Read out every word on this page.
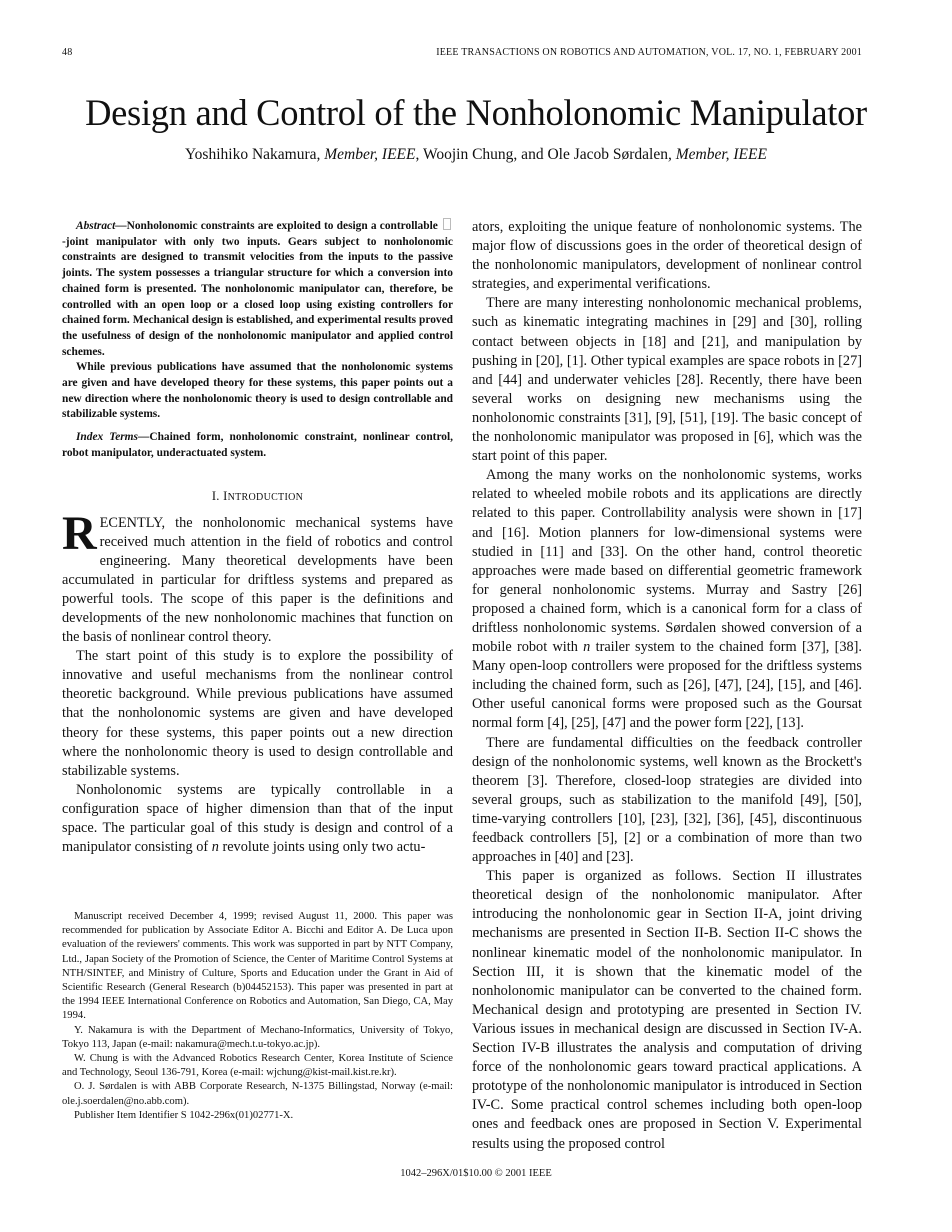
48	IEEE TRANSACTIONS ON ROBOTICS AND AUTOMATION, VOL. 17, NO. 1, FEBRUARY 2001
Design and Control of the Nonholonomic Manipulator
Yoshihiko Nakamura, Member, IEEE, Woojin Chung, and Ole Jacob Sørdalen, Member, IEEE

Abstract—Nonholonomic constraints are exploited to design a controllable -joint manipulator with only two inputs. Gears subject to nonholonomic constraints are designed to transmit velocities from the inputs to the passive joints. The system possesses a triangular structure for which a conversion into chained form is presented. The nonholonomic manipulator can, therefore, be controlled with an open loop or a closed loop using existing controllers for chained form. Mechanical design is established, and experimental results proved the usefulness of design of the nonholonomic manipulator and applied control schemes.

While previous publications have assumed that the nonholonomic systems are given and have developed theory for these systems, this paper points out a new direction where the nonholonomic theory is used to design controllable and stabilizable systems.

Index Terms—Chained form, nonholonomic constraint, nonlinear control, robot manipulator, underactuated system.

I. INTRODUCTION

RECENTLY, the nonholonomic mechanical systems have received much attention in the field of robotics and control engineering. Many theoretical developments have been accumulated in particular for driftless systems and prepared as powerful tools. The scope of this paper is the definitions and developments of the new nonholonomic machines that function on the basis of nonlinear control theory.

The start point of this study is to explore the possibility of innovative and useful mechanisms from the nonlinear control theoretic background. While previous publications have assumed that the nonholonomic systems are given and have developed theory for these systems, this paper points out a new direction where the nonholonomic theory is used to design controllable and stabilizable systems.

Nonholonomic systems are typically controllable in a configuration space of higher dimension than that of the input space. The particular goal of this study is design and control of a manipulator consisting of n revolute joints using only two actu-

Manuscript received December 4, 1999; revised August 11, 2000. This paper was recommended for publication by Associate Editor A. Bicchi and Editor A. De Luca upon evaluation of the reviewers' comments. This work was supported in part by NTT Company, Ltd., Japan Society of the Promotion of Science, the Center of Maritime Control Systems at NTH/SINTEF, and Ministry of Culture, Sports and Education under the Grant in Aid of Scientific Research (General Research (b)04452153). This paper was presented in part at the 1994 IEEE International Conference on Robotics and Automation, San Diego, CA, May 1994.

Y. Nakamura is with the Department of Mechano-Informatics, University of Tokyo, Tokyo 113, Japan (e-mail: nakamura@mech.t.u-tokyo.ac.jp).

W. Chung is with the Advanced Robotics Research Center, Korea Institute of Science and Technology, Seoul 136-791, Korea (e-mail: wjchung@kist-mail.kist.re.kr).

O. J. Sørdalen is with ABB Corporate Research, N-1375 Billingstad, Norway (e-mail: ole.j.soerdalen@no.abb.com).

Publisher Item Identifier S 1042-296x(01)02771-X.

ators, exploiting the unique feature of nonholonomic systems. The major flow of discussions goes in the order of theoretical design of the nonholonomic manipulators, development of nonlinear control strategies, and experimental verifications.

There are many interesting nonholonomic mechanical problems, such as kinematic integrating machines in [29] and [30], rolling contact between objects in [18] and [21], and manipulation by pushing in [20], [1]. Other typical examples are space robots in [27] and [44] and underwater vehicles [28]. Recently, there have been several works on designing new mechanisms using the nonholonomic constraints [31], [9], [51], [19]. The basic concept of the nonholonomic manipulator was proposed in [6], which was the start point of this paper.

Among the many works on the nonholonomic systems, works related to wheeled mobile robots and its applications are directly related to this paper. Controllability analysis were shown in [17] and [16]. Motion planners for low-dimensional systems were studied in [11] and [33]. On the other hand, control theoretic approaches were made based on differential geometric framework for general nonholonomic systems. Murray and Sastry [26] proposed a chained form, which is a canonical form for a class of driftless nonholonomic systems. Sørdalen showed conversion of a mobile robot with n trailer system to the chained form [37], [38]. Many open-loop controllers were proposed for the driftless systems including the chained form, such as [26], [47], [24], [15], and [46]. Other useful canonical forms were proposed such as the Goursat normal form [4], [25], [47] and the power form [22], [13].

There are fundamental difficulties on the feedback controller design of the nonholonomic systems, well known as the Brockett's theorem [3]. Therefore, closed-loop strategies are divided into several groups, such as stabilization to the manifold [49], [50], time-varying controllers [10], [23], [32], [36], [45], discontinuous feedback controllers [5], [2] or a combination of more than two approaches in [40] and [23].

This paper is organized as follows. Section II illustrates theoretical design of the nonholonomic manipulator. After introducing the nonholonomic gear in Section II-A, joint driving mechanisms are presented in Section II-B. Section II-C shows the nonlinear kinematic model of the nonholonomic manipulator. In Section III, it is shown that the kinematic model of the nonholonomic manipulator can be converted to the chained form. Mechanical design and prototyping are presented in Section IV. Various issues in mechanical design are discussed in Section IV-A. Section IV-B illustrates the analysis and computation of driving force of the nonholonomic gears toward practical applications. A prototype of the nonholonomic manipulator is introduced in Section IV-C. Some practical control schemes including both open-loop ones and feedback ones are proposed in Section V. Experimental results using the proposed control

1042–296X/01$10.00 © 2001 IEEE
